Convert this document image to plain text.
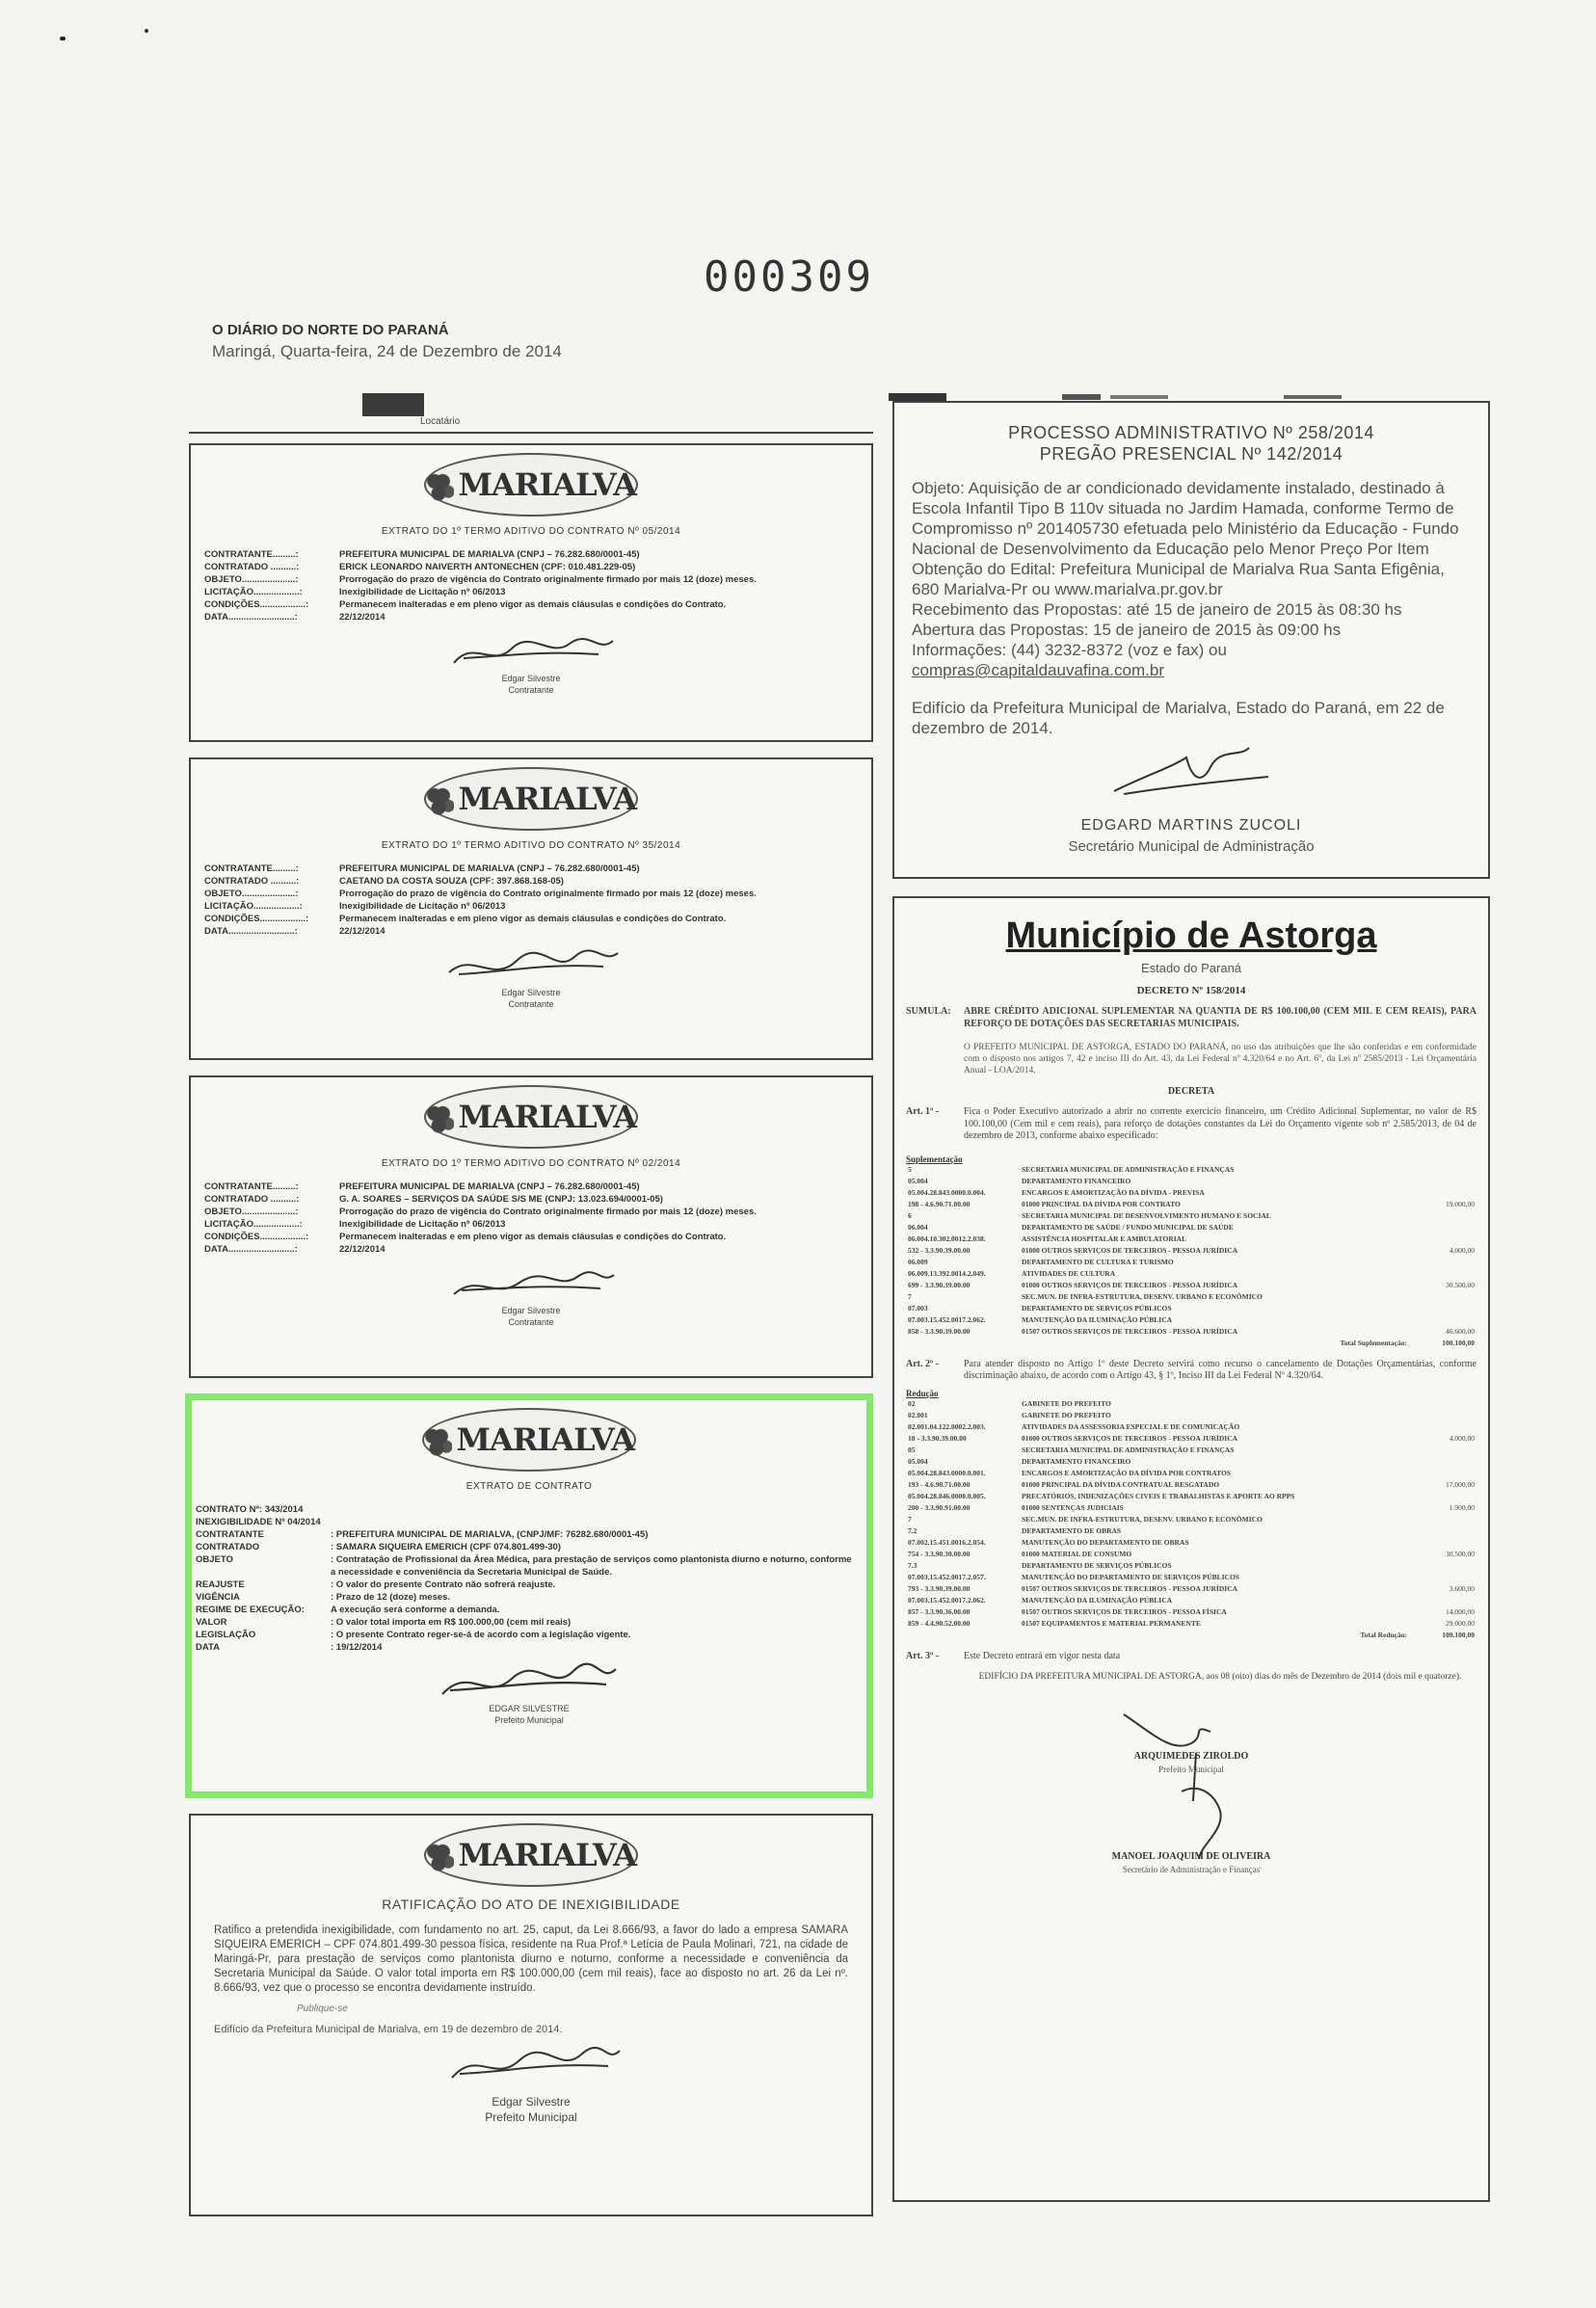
000309
O DIÁRIO DO NORTE DO PARANÁ
Maringá, Quarta-feira, 24 de Dezembro de 2014
Locatário
MARIALVA
EXTRATO DO 1º TERMO ADITIVO DO CONTRATO Nº 05/2014
CONTRATANTE.........:	PREFEITURA MUNICIPAL DE MARIALVA (CNPJ – 76.282.680/0001-45)
CONTRATADO ..........:	ERICK LEONARDO NAIVERTH ANTONECHEN (CPF: 010.481.229-05)
OBJETO.....................:	Prorrogação do prazo de vigência do Contrato originalmente firmado por mais 12 (doze) meses.
LICITAÇÃO..................:	Inexigibilidade de Licitação nº 06/2013
CONDIÇÕES..................:	Permanecem inalteradas e em pleno vigor as demais cláusulas e condições do Contrato.
DATA..........................:	22/12/2014
Edgar Silvestre
Contratante
MARIALVA
EXTRATO DO 1º TERMO ADITIVO DO CONTRATO Nº 35/2014
CONTRATANTE.........:	PREFEITURA MUNICIPAL DE MARIALVA (CNPJ – 76.282.680/0001-45)
CONTRATADO ..........:	CAETANO DA COSTA SOUZA (CPF: 397.868.168-05)
OBJETO.....................:	Prorrogação do prazo de vigência do Contrato originalmente firmado por mais 12 (doze) meses.
LICITAÇÃO..................:	Inexigibilidade de Licitação nº 06/2013
CONDIÇÕES..................:	Permanecem inalteradas e em pleno vigor as demais cláusulas e condições do Contrato.
DATA..........................:	22/12/2014
Edgar Silvestre
Contratante
MARIALVA
EXTRATO DO 1º TERMO ADITIVO DO CONTRATO Nº 02/2014
CONTRATANTE.........:	PREFEITURA MUNICIPAL DE MARIALVA (CNPJ – 76.282.680/0001-45)
CONTRATADO ..........:	G. A. SOARES – SERVIÇOS DA SAÚDE S/S ME (CNPJ: 13.023.694/0001-05)
OBJETO.....................:	Prorrogação do prazo de vigência do Contrato originalmente firmado por mais 12 (doze) meses.
LICITAÇÃO..................:	Inexigibilidade de Licitação nº 06/2013
CONDIÇÕES..................:	Permanecem inalteradas e em pleno vigor as demais cláusulas e condições do Contrato.
DATA..........................:	22/12/2014
Edgar Silvestre
Contratante
MARIALVA
EXTRATO DE CONTRATO
CONTRATO Nº: 343/2014
INEXIGIBILIDADE Nº 04/2014
CONTRATANTE	: PREFEITURA MUNICIPAL DE MARIALVA, (CNPJ/MF: 76282.680/0001-45)
CONTRATADO	: SAMARA SIQUEIRA EMERICH (CPF 074.801.499-30)
OBJETO	: Contratação de Profissional da Área Médica, para prestação de serviços como plantonista diurno e noturno, conforme a necessidade e conveniência da Secretaria Municipal de Saúde.
REAJUSTE	: O valor do presente Contrato não sofrerá reajuste.
VIGÊNCIA	: Prazo de 12 (doze) meses.
REGIME DE EXECUÇÃO:	A execução será conforme a demanda.
VALOR	: O valor total importa em R$ 100.000,00 (cem mil reais)
LEGISLAÇÃO	: O presente Contrato reger-se-á de acordo com a legislação vigente.
DATA	: 19/12/2014
EDGAR SILVESTRE
Prefeito Municipal
MARIALVA
RATIFICAÇÃO DO ATO DE INEXIGIBILIDADE
Ratifico a pretendida inexigibilidade, com fundamento no art. 25, caput, da Lei 8.666/93, a favor do lado a empresa SAMARA SIQUEIRA EMERICH – CPF 074.801.499-30 pessoa física, residente na Rua Prof.ª Letícia de Paula Molinari, 721, na cidade de Maringá-Pr, para prestação de serviços como plantonista diurno e noturno, conforme a necessidade e conveniência da Secretaria Municipal da Saúde. O valor total importa em R$ 100.000,00 (cem mil reais), face ao disposto no art. 26 da Lei nº. 8.666/93, vez que o processo se encontra devidamente instruído.
Publique-se
Edifício da Prefeitura Municipal de Marialva, em 19 de dezembro de 2014.
Edgar Silvestre
Prefeito Municipal
PROCESSO ADMINISTRATIVO Nº 258/2014
PREGÃO PRESENCIAL Nº 142/2014
Objeto: Aquisição de ar condicionado devidamente instalado, destinado à Escola Infantil Tipo B 110v situada no Jardim Hamada, conforme Termo de Compromisso nº 201405730 efetuada pelo Ministério da Educação - Fundo Nacional de Desenvolvimento da Educação pelo Menor Preço Por Item
Obtenção do Edital: Prefeitura Municipal de Marialva Rua Santa Efigênia, 680 Marialva-Pr ou www.marialva.pr.gov.br
Recebimento das Propostas: até 15 de janeiro de 2015 às 08:30 hs
Abertura das Propostas: 15 de janeiro de 2015 às 09:00 hs
Informações: (44) 3232-8372 (voz e fax) ou
compras@capitaldauvafina.com.br
Edifício da Prefeitura Municipal de Marialva, Estado do Paraná, em 22 de dezembro de 2014.
EDGARD MARTINS ZUCOLI
Secretário Municipal de Administração
Município de Astorga
Estado do Paraná
DECRETO Nº 158/2014
SUMULA:	ABRE CRÉDITO ADICIONAL SUPLEMENTAR NA QUANTIA DE R$ 100.100,00 (CEM MIL E CEM REAIS), PARA REFORÇO DE DOTAÇÕES DAS SECRETARIAS MUNICIPAIS.
O PREFEITO MUNICIPAL DE ASTORGA, ESTADO DO PARANÁ, no uso das atribuições que lhe são conferidas e em conformidade com o disposto nos artigos 7, 42 e inciso III do Art. 43, da Lei Federal nº 4.320/64 e no Art. 6º, da Lei nº 2585/2013 - Lei Orçamentária Anual - LOA/2014.
DECRETA
Art. 1º -	Fica o Poder Executivo autorizado a abrir no corrente exercício financeiro, um Crédito Adicional Suplementar, no valor de R$ 100.100,00 (Cem mil e cem reais), para reforço de dotações constantes da Lei do Orçamento vigente sob nº 2.585/2013, de 04 de dezembro de 2013, conforme abaixo especificado:
Suplementação
5	SECRETARIA MUNICIPAL DE ADMINISTRAÇÃO E FINANÇAS	
05.004	DEPARTAMENTO FINANCEIRO	
05.004.28.843.0000.0.004.	ENCARGOS E AMORTIZAÇÃO DA DÍVIDA - PREVISA	
198 - 4.6.90.71.00.00	01000 PRINCIPAL DA DÍVIDA POR CONTRATO	19.000,00
6	SECRETARIA MUNICIPAL DE DESENVOLVIMENTO HUMANO E SOCIAL	
06.004	DEPARTAMENTO DE SAÚDE / FUNDO MUNICIPAL DE SAÚDE	
06.004.10.302.0012.2.038.	ASSISTÊNCIA HOSPITALAR E AMBULATORIAL	
532 - 3.3.90.39.00.00	01000 OUTROS SERVIÇOS DE TERCEIROS - PESSOA JURÍDICA	4.000,00
06.009	DEPARTAMENTO DE CULTURA E TURISMO	
06.009.13.392.0014.2.049.	ATIVIDADES DE CULTURA	
699 - 3.3.90.39.00.00	01000 OUTROS SERVIÇOS DE TERCEIROS - PESSOA JURÍDICA	30.500,00
7	SEC.MUN. DE INFRA-ESTRUTURA, DESENV. URBANO E ECONÔMICO	
07.003	DEPARTAMENTO DE SERVIÇOS PÚBLICOS	
07.003.15.452.0017.2.062.	MANUTENÇÃO DA ILUMINAÇÃO PÚBLICA	
858 - 3.3.90.39.00.00	01507 OUTROS SERVIÇOS DE TERCEIROS - PESSOA JURÍDICA	46.600,00
	Total Suplementação:	100.100,00
Art. 2º -	Para atender disposto no Artigo 1º deste Decreto servirá como recurso o cancelamento de Dotações Orçamentárias, conforme discriminação abaixo, de acordo com o Artigo 43, § 1º, Inciso III da Lei Federal Nº 4.320/64.
Redução
02	GABINETE DO PREFEITO	
02.001	GABINETE DO PREFEITO	
02.001.04.122.0002.2.003.	ATIVIDADES DA ASSESSORIA ESPECIAL E DE COMUNICAÇÃO	
18 - 3.3.90.39.00.00	01000 OUTROS SERVIÇOS DE TERCEIROS - PESSOA JURÍDICA	4.000,00
05	SECRETARIA MUNICIPAL DE ADMINISTRAÇÃO E FINANÇAS	
05.004	DEPARTAMENTO FINANCEIRO	
05.004.28.843.0000.0.001.	ENCARGOS E AMORTIZAÇÃO DA DÍVIDA POR CONTRATOS	
193 - 4.6.90.71.00.00	01000 PRINCIPAL DA DÍVIDA CONTRATUAL RESGATADO	17.000,00
05.004.28.846.0000.0.005.	PRECATÓRIOS, INDENIZAÇÕES CIVEIS E TRABALHISTAS E APORTE AO RPPS	
200 - 3.3.90.91.00.00	01000 SENTENÇAS JUDICIAIS	1.900,00
7	SEC.MUN. DE INFRA-ESTRUTURA, DESENV. URBANO E ECONÔMICO	
7.2	DEPARTAMENTO DE OBRAS	
07.002.15.451.0016.2.054.	MANUTENÇÃO DO DEPARTAMENTO DE OBRAS	
754 - 3.3.90.30.00.00	01000 MATERIAL DE CONSUMO	30.500,00
7.3	DEPARTAMENTO DE SERVIÇOS PÚBLICOS	
07.003.15.452.0017.2.057.	MANUTENÇÃO DO DEPARTAMENTO DE SERVIÇOS PÚBLICOS	
793 - 3.3.90.39.00.00	01507 OUTROS SERVIÇOS DE TERCEIROS - PESSOA JURÍDICA	3.600,00
07.003.15.452.0017.2.062.	MANUTENÇÃO DA ILUMINAÇÃO PÚBLICA	
857 - 3.3.90.36.00.00	01507 OUTROS SERVIÇOS DE TERCEIROS - PESSOA FÍSICA	14.000,00
859 - 4.4.90.52.00.00	01507 EQUIPAMENTOS E MATERIAL PERMANENTE	29.000,00
	Total Redução:	100.100,00
Art. 3º -	Este Decreto entrará em vigor nesta data
EDIFÍCIO DA PREFEITURA MUNICIPAL DE ASTORGA, aos 08 (oito) dias do mês de Dezembro de 2014 (dois mil e quatorze).
ARQUIMEDES ZIROLDO
Prefeito Municipal
MANOEL JOAQUIM DE OLIVEIRA
Secretário de Administração e Finanças
